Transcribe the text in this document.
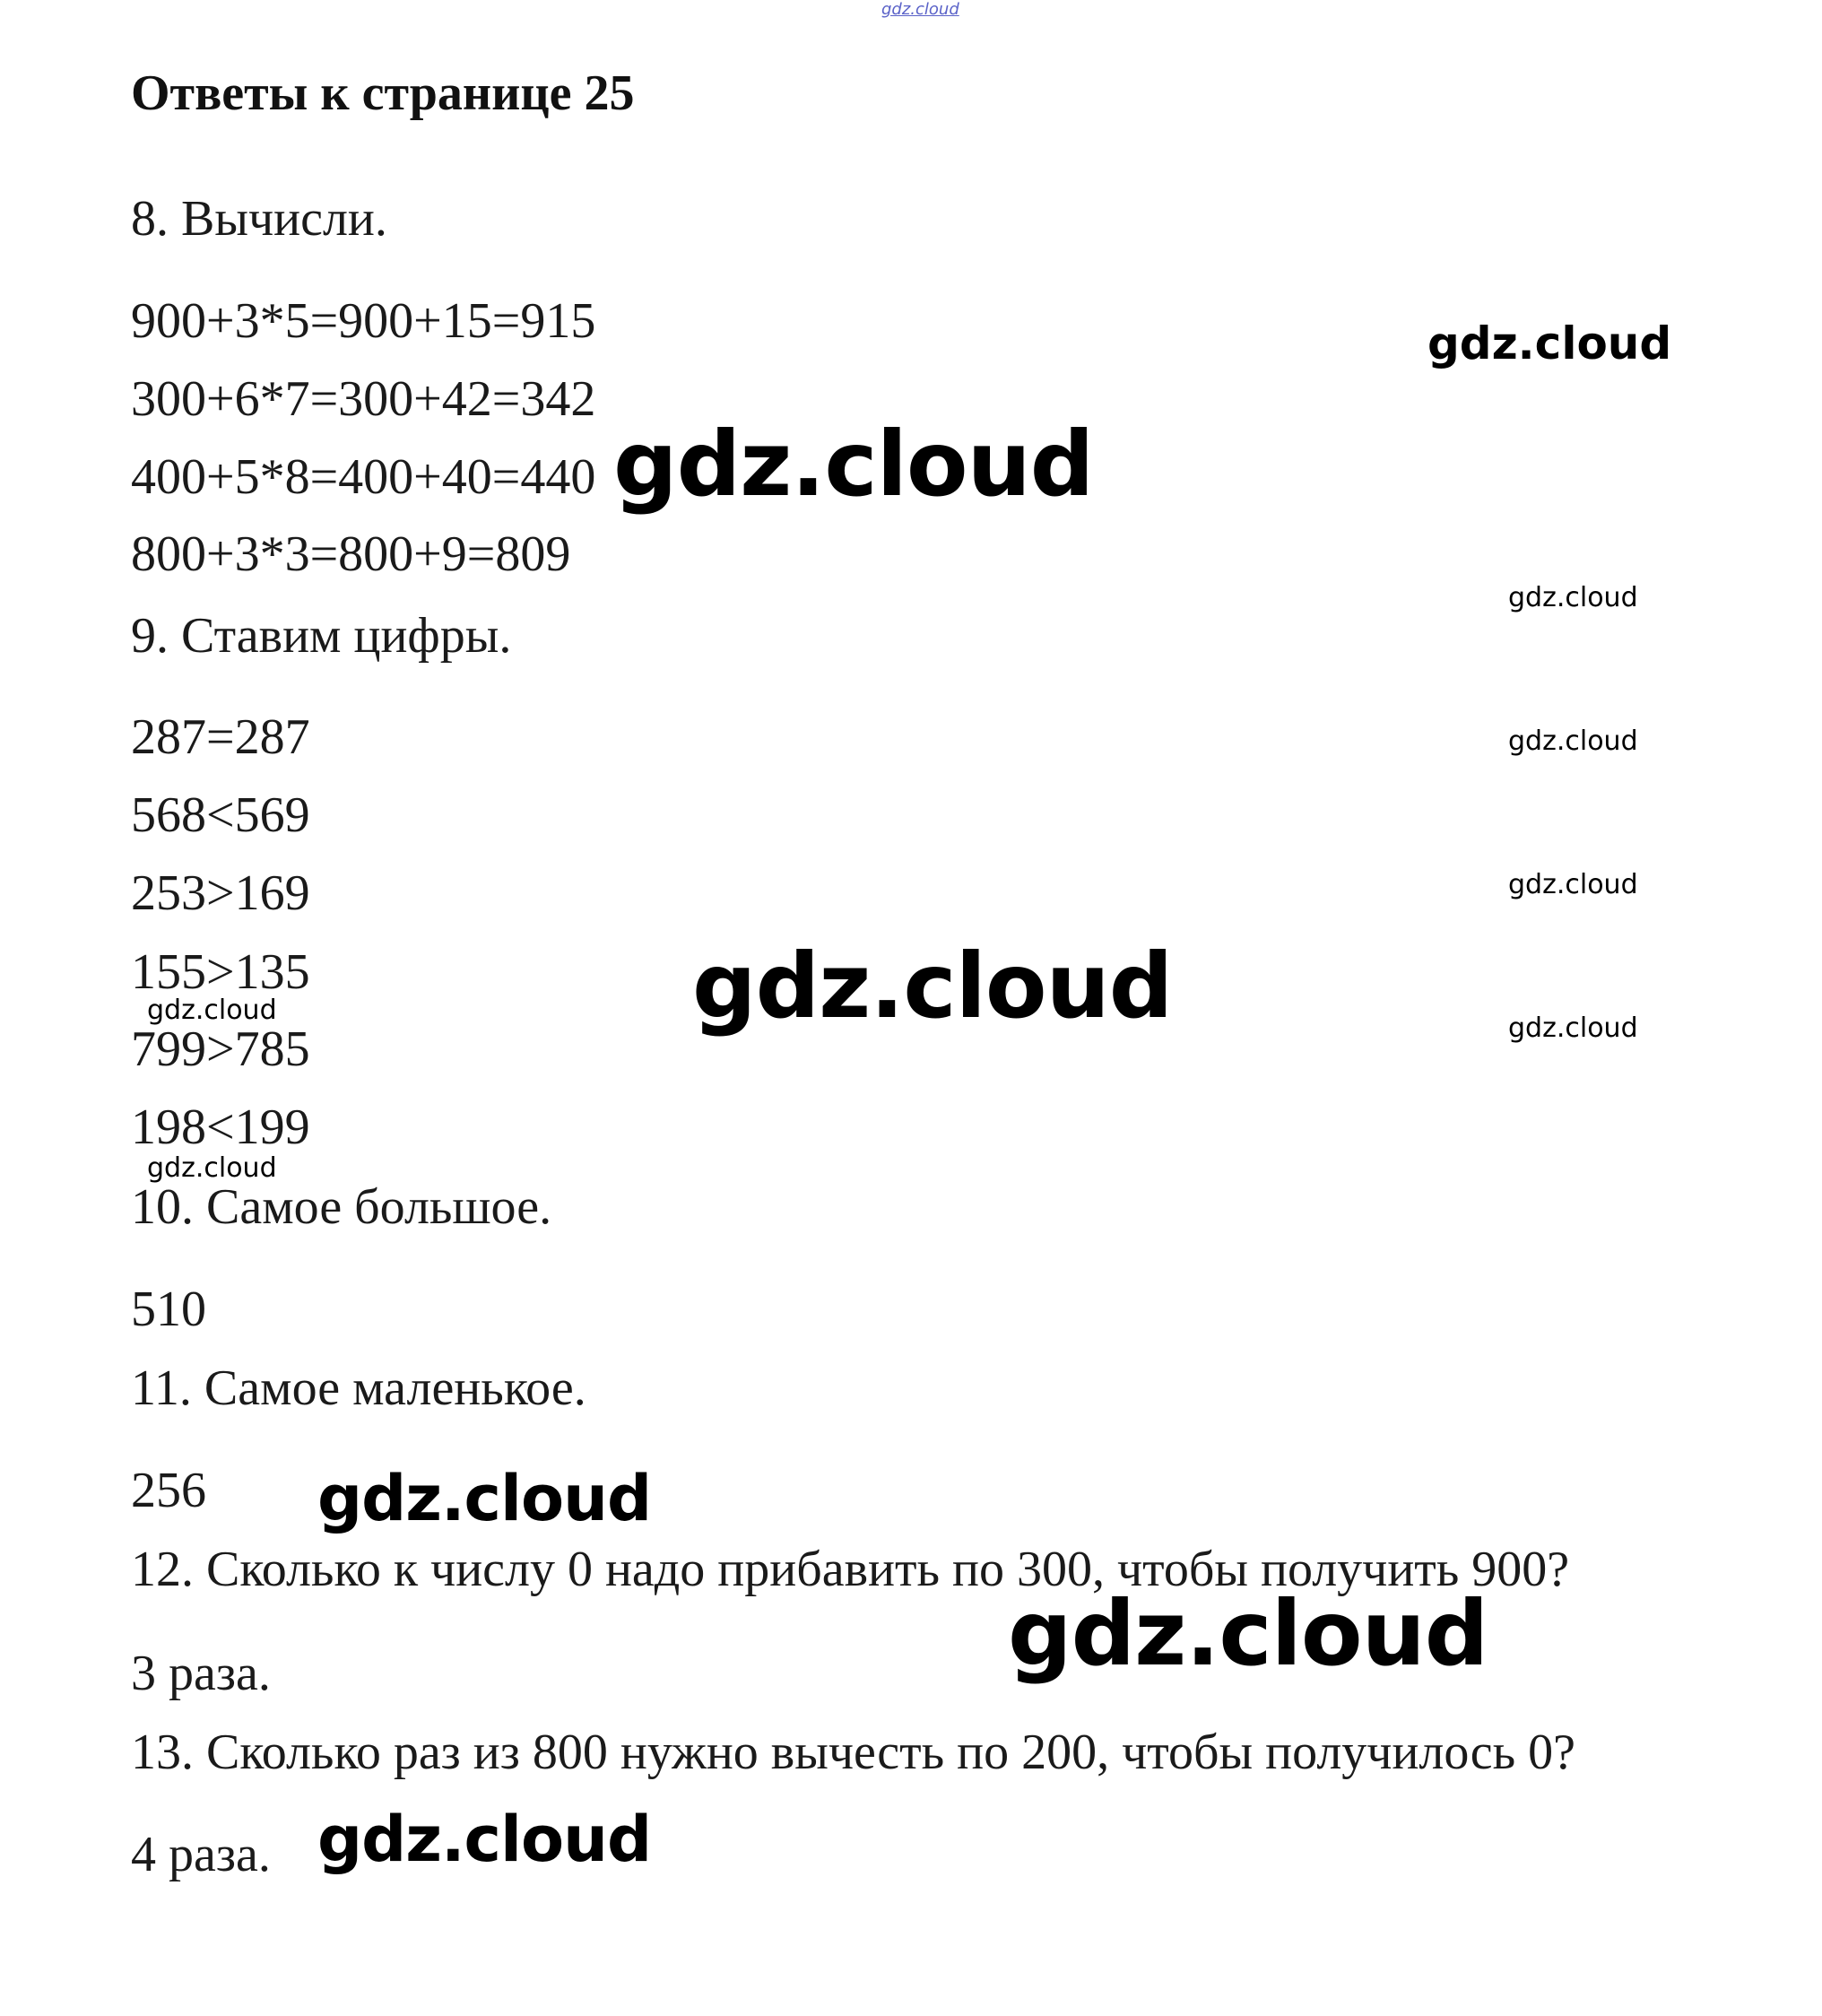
gdz.cloud
Ответы к странице 25
8. Вычисли.
900+3*5=900+15=915
300+6*7=300+42=342
400+5*8=400+40=440
800+3*3=800+9=809
9. Ставим цифры.
287=287
568<569
253>169
155>135
799>785
198<199
10. Самое большое.
510
11. Самое маленькое.
256
12. Сколько к числу 0 надо прибавить по 300, чтобы получить 900?
3 раза.
13. Сколько раз из 800 нужно вычесть по 200, чтобы получилось 0?
4 раза.
gdz.cloud
gdz.cloud
gdz.cloud
gdz.cloud
gdz.cloud
gdz.cloud	gdz.cloud	gdz.cloud
gdz.cloud
gdz.cloud
gdz.cloud
gdz.cloud
